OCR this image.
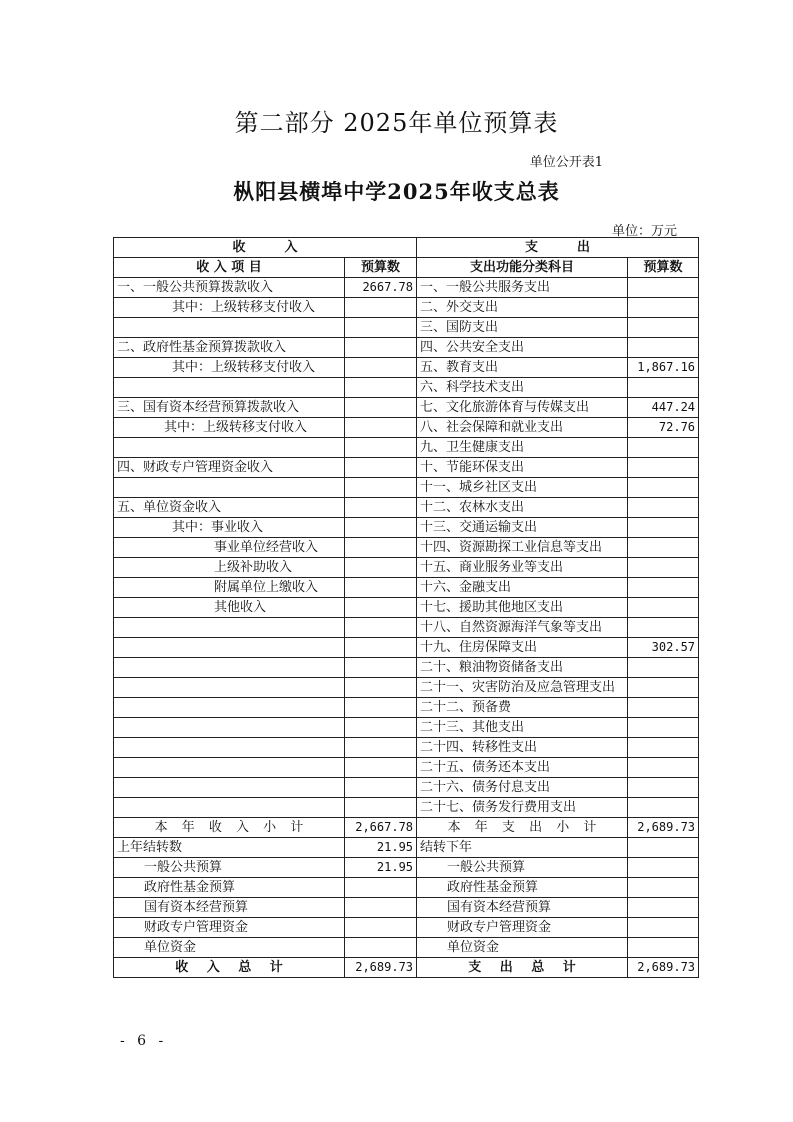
第二部分 2025年单位预算表
单位公开表1
枞阳县横埠中学2025年收支总表
单位：万元
收　　　入		支　　　出	
收 入 项 目	预算数	支出功能分类科目	预算数
一、一般公共预算拨款收入	2667.78	一、一般公共服务支出	
其中：上级转移支付收入		二、外交支出	
		三、国防支出	
二、政府性基金预算拨款收入		四、公共安全支出	
其中：上级转移支付收入		五、教育支出	1,867.16
		六、科学技术支出	
三、国有资本经营预算拨款收入		七、文化旅游体育与传媒支出	447.24
其中：上级转移支付收入		八、社会保障和就业支出	72.76
		九、卫生健康支出	
四、财政专户管理资金收入		十、节能环保支出	
		十一、城乡社区支出	
五、单位资金收入		十二、农林水支出	
其中：事业收入		十三、交通运输支出	
事业单位经营收入		十四、资源勘探工业信息等支出	
上级补助收入		十五、商业服务业等支出	
附属单位上缴收入		十六、金融支出	
其他收入		十七、援助其他地区支出	
		十八、自然资源海洋气象等支出	
		十九、住房保障支出	302.57
		二十、粮油物资储备支出	
		二十一、灾害防治及应急管理支出	
		二十二、预备费	
		二十三、其他支出	
		二十四、转移性支出	
		二十五、债务还本支出	
		二十六、债务付息支出	
		二十七、债务发行费用支出	
本 年 收 入 小 计	2,667.78	本 年 支 出 小 计	2,689.73
上年结转数	21.95	结转下年	
一般公共预算	21.95	一般公共预算	
政府性基金预算		政府性基金预算	
国有资本经营预算		国有资本经营预算	
财政专户管理资金		财政专户管理资金	
单位资金		单位资金	
收 入 总 计	2,689.73	支 出 总 计	2,689.73
- 6 -
